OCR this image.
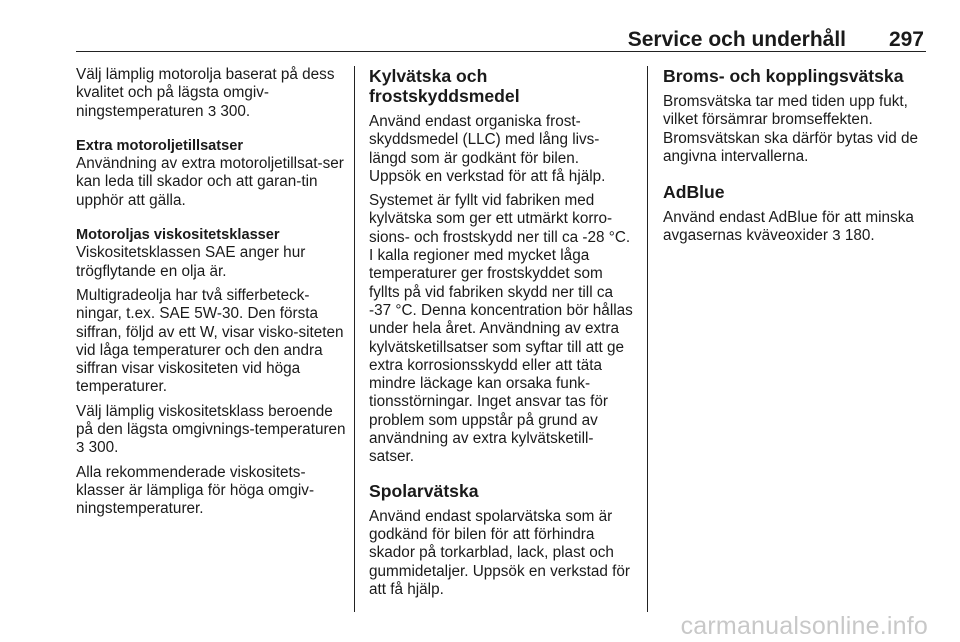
Service och underhåll 297

Välj lämplig motorolja baserat på dess kvalitet och på lägsta omgiv-ningstemperaturen 3 300.

Extra motoroljetillsatser
Användning av extra motoroljetillsat-ser kan leda till skador och att garan-tin upphör att gälla.

Motoroljas viskositetsklasser
Viskositetsklassen SAE anger hur trögflytande en olja är.

Multigradeolja har två sifferbeteck-ningar, t.ex. SAE 5W-30. Den första siffran, följd av ett W, visar visko-siteten vid låga temperaturer och den andra siffran visar viskositeten vid höga temperaturer.

Välj lämplig viskositetsklass beroende på den lägsta omgivnings-temperaturen 3 300.

Alla rekommenderade viskositets-klasser är lämpliga för höga omgiv-ningstemperaturer.

Kylvätska och frostskyddsmedel

Använd endast organiska frost-skyddsmedel (LLC) med lång livs-längd som är godkänt för bilen. Uppsök en verkstad för att få hjälp.

Systemet är fyllt vid fabriken med kylvätska som ger ett utmärkt korro-sions- och frostskydd ner till ca -28 °C. I kalla regioner med mycket låga temperaturer ger frostskyddet som fyllts på vid fabriken skydd ner till ca -37 °C. Denna koncentration bör hållas under hela året. Användning av extra kylvätsketillsatser som syftar till att ge extra korrosionsskydd eller att täta mindre läckage kan orsaka funk-tionsstörningar. Inget ansvar tas för problem som uppstår på grund av användning av extra kylvätsketill-satser.

Spolarvätska

Använd endast spolarvätska som är godkänd för bilen för att förhindra skador på torkarblad, lack, plast och gummidetaljer. Uppsök en verkstad för att få hjälp.

Broms- och kopplingsvätska

Bromsvätska tar med tiden upp fukt, vilket försämrar bromseffekten. Bromsvätskan ska därför bytas vid de angivna intervallerna.

AdBlue

Använd endast AdBlue för att minska avgasernas kväveoxider 3 180.

carmanualsonline.info
